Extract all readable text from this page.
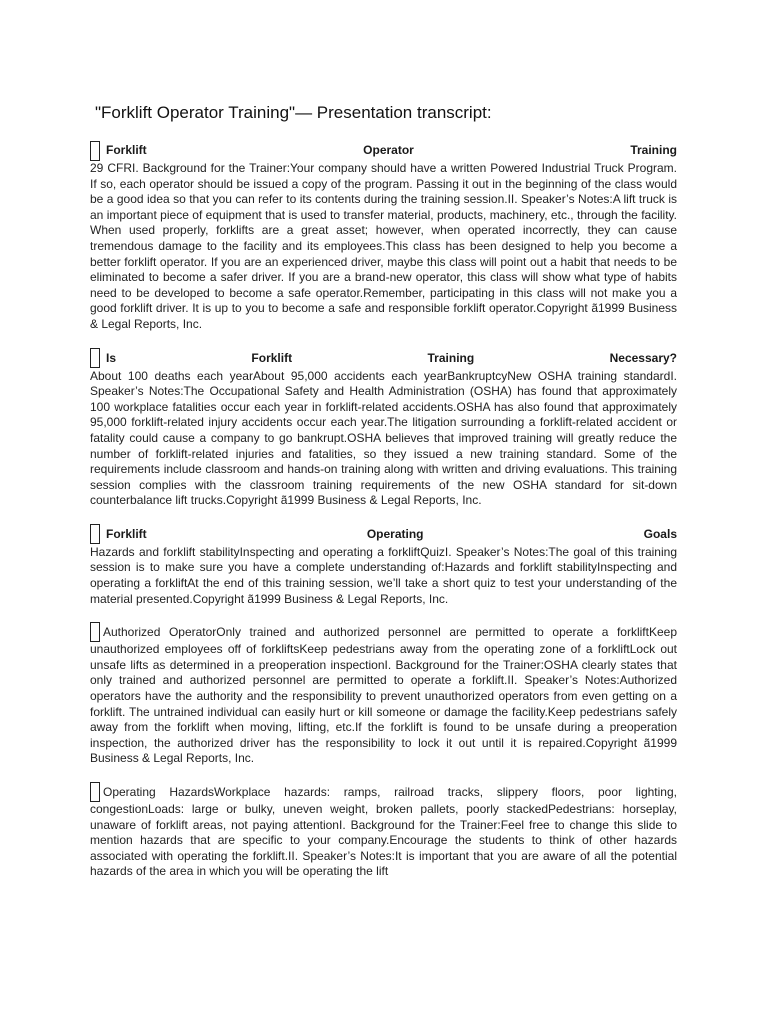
"Forklift Operator Training"— Presentation transcript:
Forklift Operator Training

29 CFRI. Background for the Trainer:Your company should have a written Powered Industrial Truck Program. If so, each operator should be issued a copy of the program. Passing it out in the beginning of the class would be a good idea so that you can refer to its contents during the training session.II. Speaker’s Notes:A lift truck is an important piece of equipment that is used to transfer material, products, machinery, etc., through the facility. When used properly, forklifts are a great asset; however, when operated incorrectly, they can cause tremendous damage to the facility and its employees.This class has been designed to help you become a better forklift operator. If you are an experienced driver, maybe this class will point out a habit that needs to be eliminated to become a safer driver. If you are a brand-new operator, this class will show what type of habits need to be developed to become a safe operator.Remember, participating in this class will not make you a good forklift driver. It is up to you to become a safe and responsible forklift operator.Copyright ã1999 Business & Legal Reports, Inc.

Is Forklift Training Necessary?

About 100 deaths each yearAbout 95,000 accidents each yearBankruptcyNew OSHA training standardI. Speaker’s Notes:The Occupational Safety and Health Administration (OSHA) has found that approximately 100 workplace fatalities occur each year in forklift-related accidents.OSHA has also found that approximately 95,000 forklift-related injury accidents occur each year.The litigation surrounding a forklift-related accident or fatality could cause a company to go bankrupt.OSHA believes that improved training will greatly reduce the number of forklift-related injuries and fatalities, so they issued a new training standard. Some of the requirements include classroom and hands-on training along with written and driving evaluations. This training session complies with the classroom training requirements of the new OSHA standard for sit-down counterbalance lift trucks.Copyright ã1999 Business & Legal Reports, Inc.

Forklift Operating Goals

Hazards and forklift stabilityInspecting and operating a forkliftQuizI. Speaker’s Notes:The goal of this training session is to make sure you have a complete understanding of:Hazards and forklift stabilityInspecting and operating a forkliftAt the end of this training session, we’ll take a short quiz to test your understanding of the material presented.Copyright ã1999 Business & Legal Reports, Inc.

Authorized OperatorOnly trained and authorized personnel are permitted to operate a forkliftKeep unauthorized employees off of forkliftsKeep pedestrians away from the operating zone of a forkliftLock out unsafe lifts as determined in a preoperation inspectionI. Background for the Trainer:OSHA clearly states that only trained and authorized personnel are permitted to operate a forklift.II. Speaker’s Notes:Authorized operators have the authority and the responsibility to prevent unauthorized operators from even getting on a forklift. The untrained individual can easily hurt or kill someone or damage the facility.Keep pedestrians safely away from the forklift when moving, lifting, etc.If the forklift is found to be unsafe during a preoperation inspection, the authorized driver has the responsibility to lock it out until it is repaired.Copyright ã1999 Business & Legal Reports, Inc.

Operating HazardsWorkplace hazards: ramps, railroad tracks, slippery floors, poor lighting, congestionLoads: large or bulky, uneven weight, broken pallets, poorly stackedPedestrians: horseplay, unaware of forklift areas, not paying attentionI. Background for the Trainer:Feel free to change this slide to mention hazards that are specific to your company.Encourage the students to think of other hazards associated with operating the forklift.II. Speaker’s Notes:It is important that you are aware of all the potential hazards of the area in which you will be operating the lift
